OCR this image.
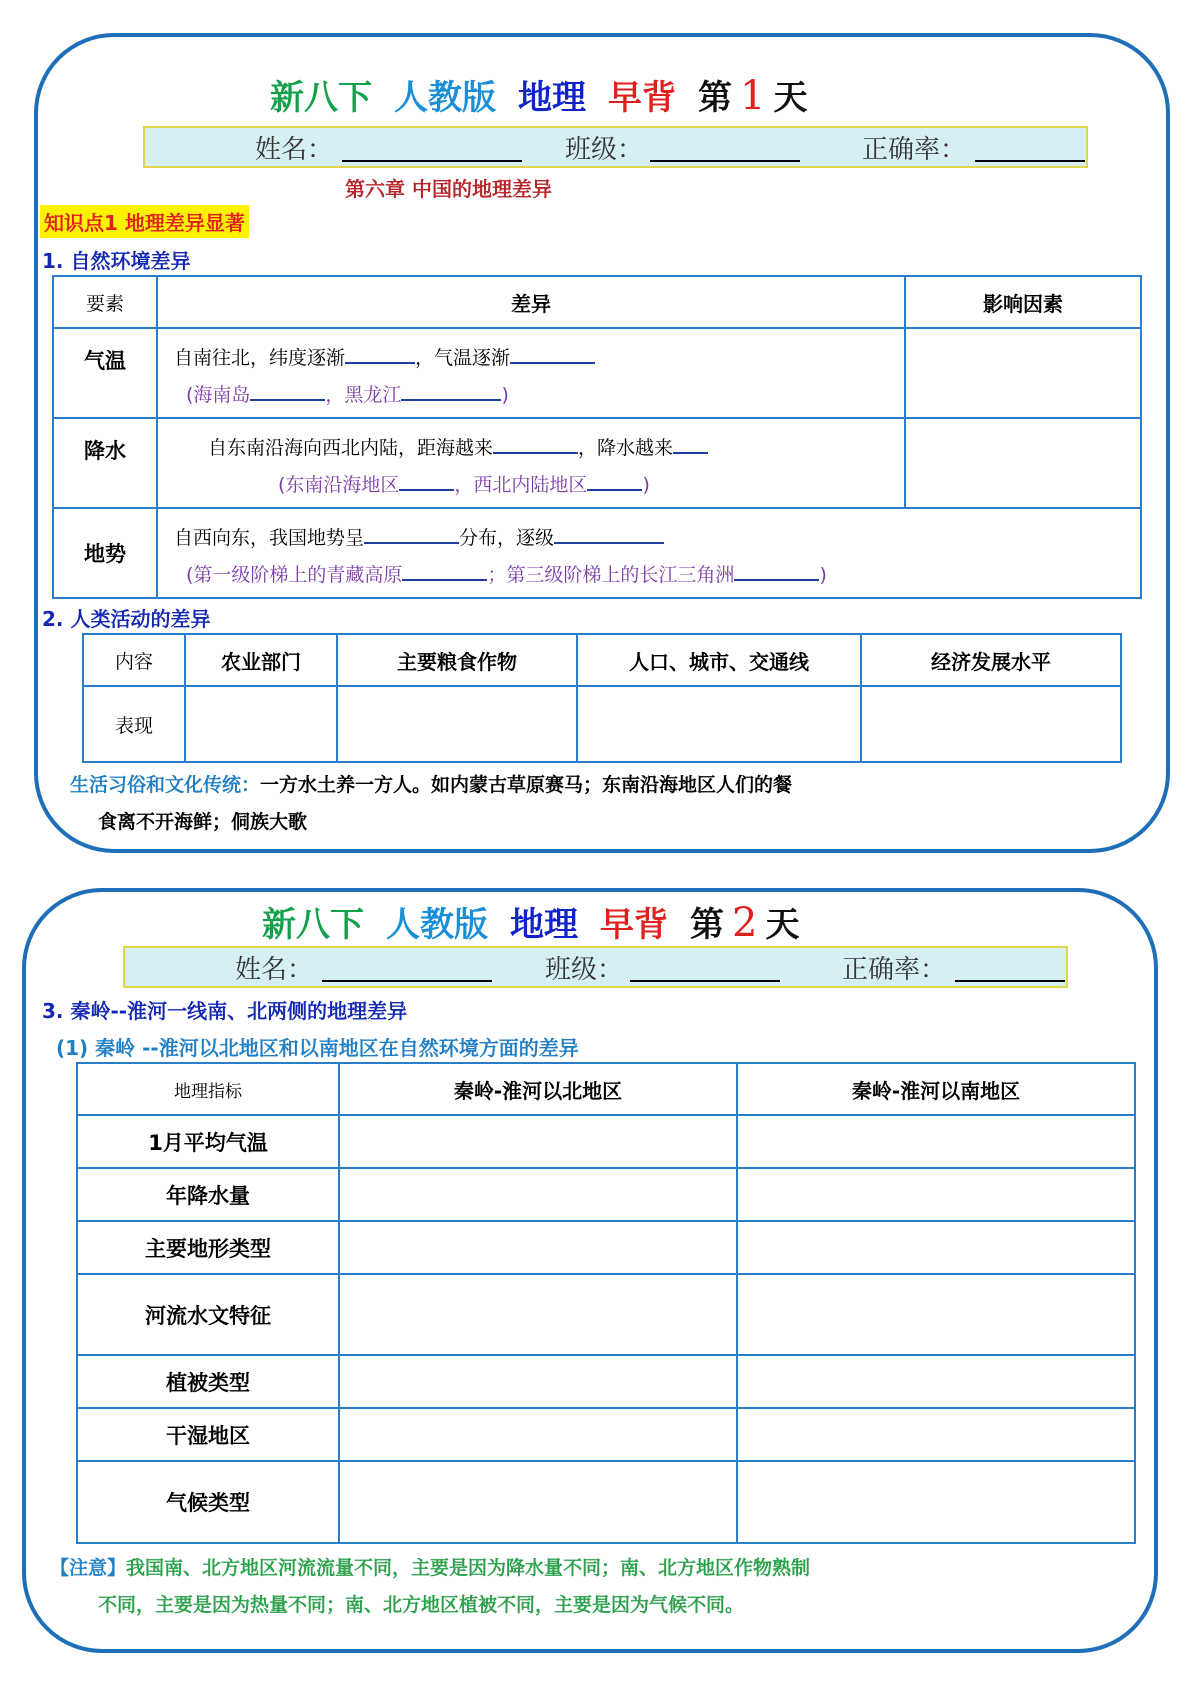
新八下 人教版 地理 早背 第 1 天
姓名：	班级：	正确率：
第六章 中国的地理差异
知识点1 地理差异显著
1. 自然环境差异
要素	差异	影响因素
气温	自南往北，纬度逐渐 ，气温逐渐
(海南岛 ，黑龙江 )	

降水	自东南沿海向西北内陆，距海越来 ，降水越来
(东南沿海地区 ，西北内陆地区 )	

地势	自西向东，我国地势呈 分布，逐级
(第一级阶梯上的青藏高原 ；第三级阶梯上的长江三角洲 )	
2. 人类活动的差异
内容	农业部门	主要粮食作物	人口、城市、交通线	经济发展水平
表现				
生活习俗和文化传统：一方水土养一方人。如内蒙古草原赛马；东南沿海地区人们的餐
食离不开海鲜；侗族大歌
新八下 人教版 地理 早背 第 2 天
姓名：	班级：	正确率：
3. 秦岭--淮河一线南、北两侧的地理差异
(1) 秦岭 --淮河以北地区和以南地区在自然环境方面的差异
地理指标	秦岭-淮河以北地区	秦岭-淮河以南地区
1月平均气温		
年降水量		
主要地形类型		
河流水文特征		
植被类型		
干湿地区		
气候类型		
【注意】我国南、北方地区河流流量不同，主要是因为降水量不同；南、北方地区作物熟制
不同，主要是因为热量不同；南、北方地区植被不同，主要是因为气候不同。
